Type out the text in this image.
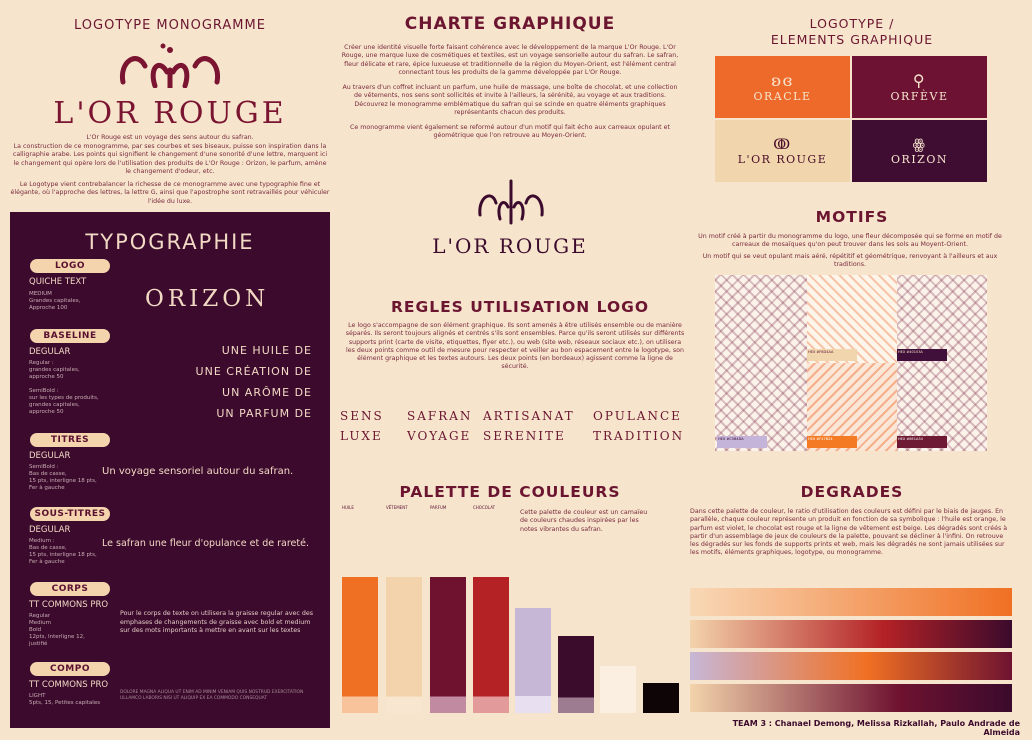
LOGOTYPE MONOGRAMME
L'OR ROUGE
L'Or Rouge est un voyage des sens autour du safran.
La construction de ce monogramme, par ses courbes et ses biseaux, puisse son inspiration dans la calligraphie arabe. Les points qui signifient le changement d'une sonorité d'une lettre, marquent ici le changement qui opère lors de l'utilisation des produits de L'Or Rouge : Orizon, le parfum, amène le changement d'odeur, etc.
Le Logotype vient contrebalancer la richesse de ce monogramme avec une typographie fine et élégante, où l'approche des lettres, la lettre G, ainsi que l'apostrophe sont retravaillés pour véhiculer l'idée du luxe.
CHARTE GRAPHIQUE
Créer une identité visuelle forte faisant cohérence avec le développement de la marque L'Or Rouge. L'Or Rouge, une marque luxe de cosmétiques et textiles, est un voyage sensorielle autour du safran. Le safran, fleur délicate et rare, épice luxueuse et traditionnelle de la région du Moyen-Orient, est l'élément central connectant tous les produits de la gamme développée par L'Or Rouge.
Au travers d'un coffret incluant un parfum, une huile de massage, une boîte de chocolat, et une collection de vêtements, nos sens sont sollicités et invite à l'ailleurs, la sérénité, au voyage et aux traditions. Découvrez le monogramme emblématique du safran qui se scinde en quatre éléments graphiques représentants chacun des produits.
Ce monogramme vient également se reformé autour d'un motif qui fait écho aux carreaux opulant et géométrique que l'on retrouve au Moyen-Orient.
L'OR ROUGE
LOGOTYPE /
ELEMENTS GRAPHIQUE
ʚɞ
ORACLE
⚲
ORFÈVE
ↂ
L'OR ROUGE
ꙮ
ORIZON
TYPOGRAPHIE
LOGO
QUICHE TEXT
MEDIUM
Grandes capitales,
Approche 100	ORIZON
BASELINE
DEGULAR
Regular :
grandes capitales,
approche 50

SemiBold :
sur les types de produits,
grandes capitales,
approche 50
UNE HUILE DE
UNE CRÉATION DE
UN ARÔME DE
UN PARFUM DE
TITRES
DEGULAR
SemiBold :
Bas de casse,
15 pts, interligne 18 pts,
Fer à gauche
Un voyage sensoriel autour du safran.
SOUS-TITRES
DEGULAR
Medium :
Bas de casse,
15 pts, interligne 18 pts,
Fer à gauche
Le safran une fleur d'opulance et de rareté.
CORPS
TT COMMONS PRO
Regular
Medium
Bold
12pts, Interligne 12,
justifié
Pour le corps de texte on utilisera la graisse regular avec des emphases de changements de graisse avec bold et medium sur des mots importants à mettre en avant sur les textes
COMPO
TT COMMONS PRO
LIGHT
5pts, 15, Petites capitales
DOLORE MAGNA ALIQUA UT ENIM AD MINIM VENIAM QUIS NOSTRUD EXERCITATION ULLAMCO LABORIS NISI UT ALIQUIP EX EA COMMODO CONSEQUAT
REGLES UTILISATION LOGO
Le logo s'accompagne de son élément graphique. Ils sont amenés à être utilisés ensemble ou de manière séparés. Ils seront toujours alignés et centrés s'ils sont ensembles. Parce qu'ils seront utilisés sur différents supports print (carte de visite, etiquettes, flyer etc.), ou web (site web, réseaux sociaux etc.), on utilisera les deux points comme outil de mesure pour respecter et veiller au bon espacement entre le logotype, son élément graphique et les textes autours. Les deux points (en bordeaux) agissent comme la ligne de sécurité.
SENS SAFRAN ARTISANAT OPULANCE
LUXE VOYAGE SERENITE TRADITION
MOTIFS
Un motif créé à partir du monogramme du logo, une fleur décomposée qui se forme en motif de carreaux de mosaïques qu'on peut trouver dans les sols au Moyent-Orient.
Un motif qui se veut opulant mais aéré, répétitif et géométrique, renvoyant à l'ailleurs et aux traditions.
HEX #F6D4AA	HEX #40103A
HEX #C5B4DA	HEX #F47B24	HEX #6E1A34
PALETTE DE COULEURS
Cette palette de couleur est un camaïeu de couleurs chaudes inspirées par les notes vibrantes du safran.
HUILE	VÊTEMENT	PARFUM	CHOCOLAT
DEGRADES
Dans cette palette de couleur, le ratio d'utilisation des couleurs est défini par le biais de jauges. En parallèle, chaque couleur représente un produit en fonction de sa symbolique : l'huile est orange, le parfum est violet, le chocolat est rouge et la ligne de vêtement est beige. Les dégradés sont créés à partir d'un assemblage de jeux de couleurs de la palette, pouvant se décliner à l'infini. On retrouve les dégradés sur les fonds de supports prints et web, mais les dégradés ne sont jamais utilisées sur les motifs, éléments graphiques, logotype, ou monogramme.
TEAM 3 : Chanael Demong, Melissa Rizkallah, Paulo Andrade de Almeida
